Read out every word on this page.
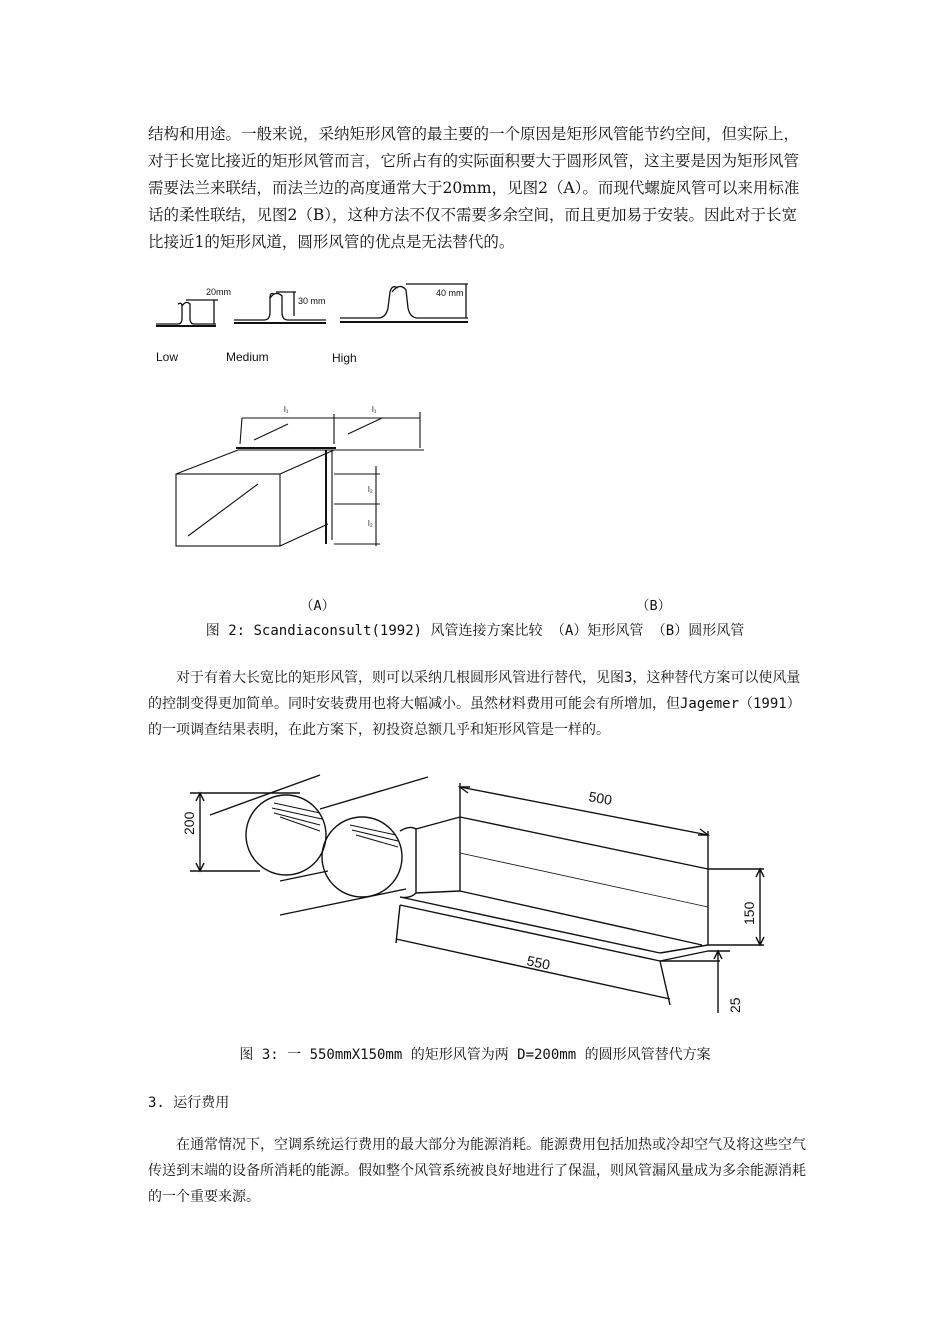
结构和用途。一般来说，采纳矩形风管的最主要的一个原因是矩形风管能节约空间，但实际上，对于长宽比接近的矩形风管而言，它所占有的实际面积要大于圆形风管，这主要是因为矩形风管需要法兰来联结，而法兰边的高度通常大于20mm，见图2（A）。而现代螺旋风管可以来用标准话的柔性联结，见图2（B），这种方法不仅不需要多余空间，而且更加易于安装。因此对于长宽比接近1的矩形风道，圆形风管的优点是无法替代的。

20mm
30 mm
40 mm
Low	Medium	High
l₁	l₁
l₂
l₂
（A）	（B）
图 2: Scandiaconsult(1992) 风管连接方案比较 （A）矩形风管 （B）圆形风管

对于有着大长宽比的矩形风管，则可以采纳几根圆形风管进行替代，见图3，这种替代方案可以使风量的控制变得更加简单。同时安装费用也将大幅减小。虽然材料费用可能会有所增加，但Jagemer（1991）的一项调查结果表明，在此方案下，初投资总额几乎和矩形风管是一样的。

200
500
550
150
25
图 3: 一 550mmX150mm 的矩形风管为两 D=200mm 的圆形风管替代方案
3. 运行费用

在通常情况下，空调系统运行费用的最大部分为能源消耗。能源费用包括加热或冷却空气及将这些空气传送到末端的设备所消耗的能源。假如整个风管系统被良好地进行了保温，则风管漏风量成为多余能源消耗的一个重要来源。
